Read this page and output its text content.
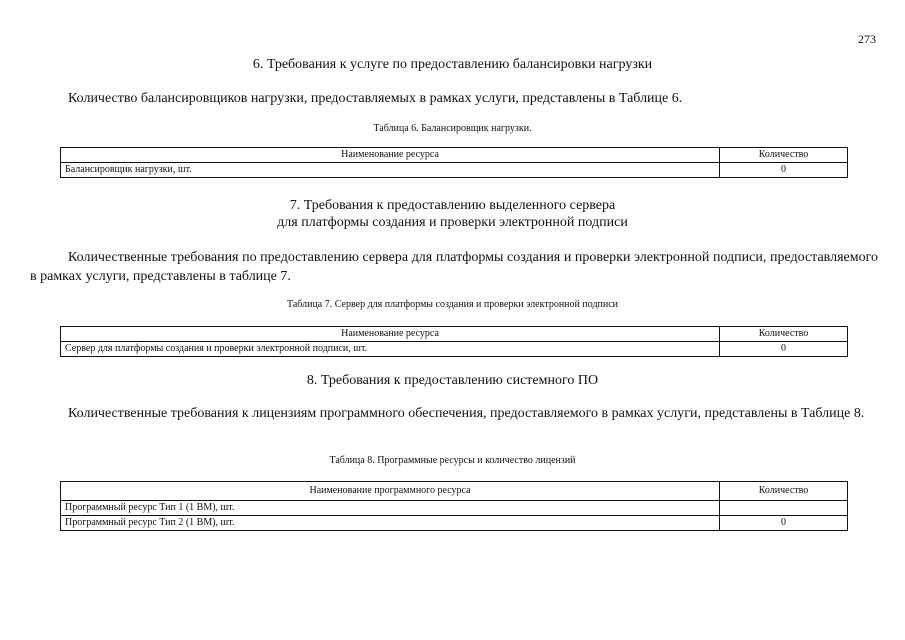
273
6. Требования к услуге по предоставлению балансировки нагрузки
Количество балансировщиков нагрузки, предоставляемых в рамках услуги, представлены в Таблице 6.
Таблица 6. Балансировщик нагрузки.
Наименование ресурса	Количество
Балансировщик нагрузки, шт.	0
7. Требования к предоставлению выделенного сервера
для платформы создания и проверки электронной подписи
Количественные требования по предоставлению сервера для платформы создания и проверки электронной подписи, предоставляемого в рамках услуги, представлены в таблице 7.
Таблица 7. Сервер для платформы создания и проверки электронной подписи
Наименование ресурса	Количество
Сервер для платформы создания и проверки электронной подписи, шт.	0
8. Требования к предоставлению системного ПО
Количественные требования к лицензиям программного обеспечения, предоставляемого в рамках услуги, представлены в Таблице 8.
Таблица 8. Программные ресурсы и количество лицензий
Наименование программного ресурса	Количество
Программный ресурс Тип 1 (1 ВМ), шт.	
Программный ресурс Тип 2 (1 ВМ), шт.	0
